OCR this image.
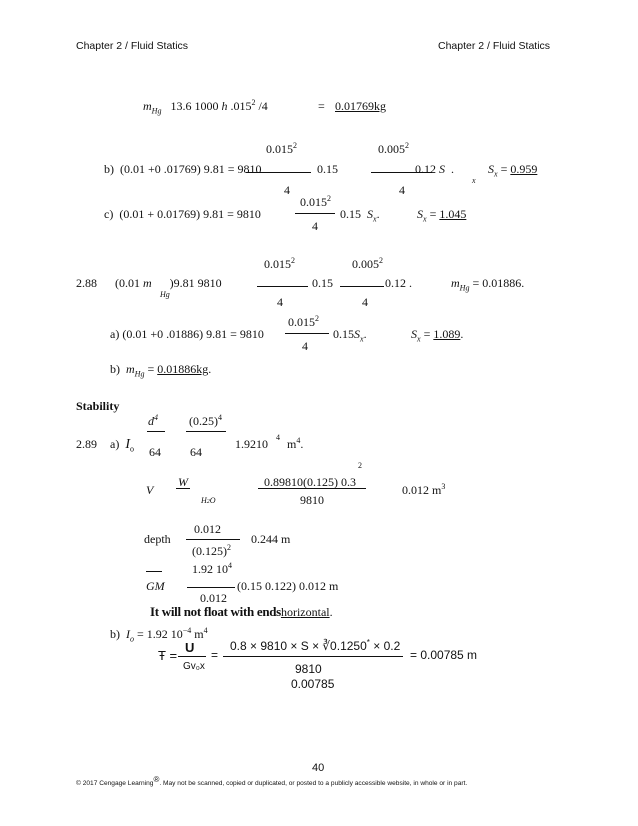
Chapter 2 / Fluid Statics	Chapter 2 / Fluid Statics
$m_{Hg}$ 13.6 1000 h .015$^2$ /4	= 0.01769kg
0.015$^2$	0.005$^2$
b) (0.01 +0 .01769) 9.81 = 9810	0.15	0.12 S .
x
$S_x = 0.959$
4	4
0.015$^2$
c) (0.01 + 0.01769) 9.81 = 9810	0.15 $S_x$.	$S_x = 1.045$
4
0.015$^2$	0.005$^2$
2.88 (0.01 m )9.81 9810
Hg
0.15	0.12 .	$m_{Hg} = 0.01886$.
4	4
0.015$^2$
a) (0.01 +0 .01886) 9.81 = 9810	$0.15S_x$.	$S_x = 1.089$.
4
b) $m_{Hg} = 0.01886kg$.
Stability
$d^4$	$(0.25)^4$
2.89 a) $I_o$	1.9210 $^4$ $m^4$.
64 64
2
W	0.89810(0.125) 0.3
V	0.012 $m^3$
H2O	9810
0.012
depth	0.244 m
$(0.125)^2$
1.92 $10^4$
GM	(0.15 0.122) 0.012 m
0.012
It will not float with endshorizontal.
b) $I_o = 1.92$ $10^{-4}$ $m^4$
U	0.8 × 9810 × S × ∛0.1250* × 0.2
Ŧ =	=	= 0.00785 m
Gv₀x	9810
0.00785
40
© 2017 Cengage Learning®. May not be scanned, copied or duplicated, or posted to a publicly accessible website, in whole or in part.
